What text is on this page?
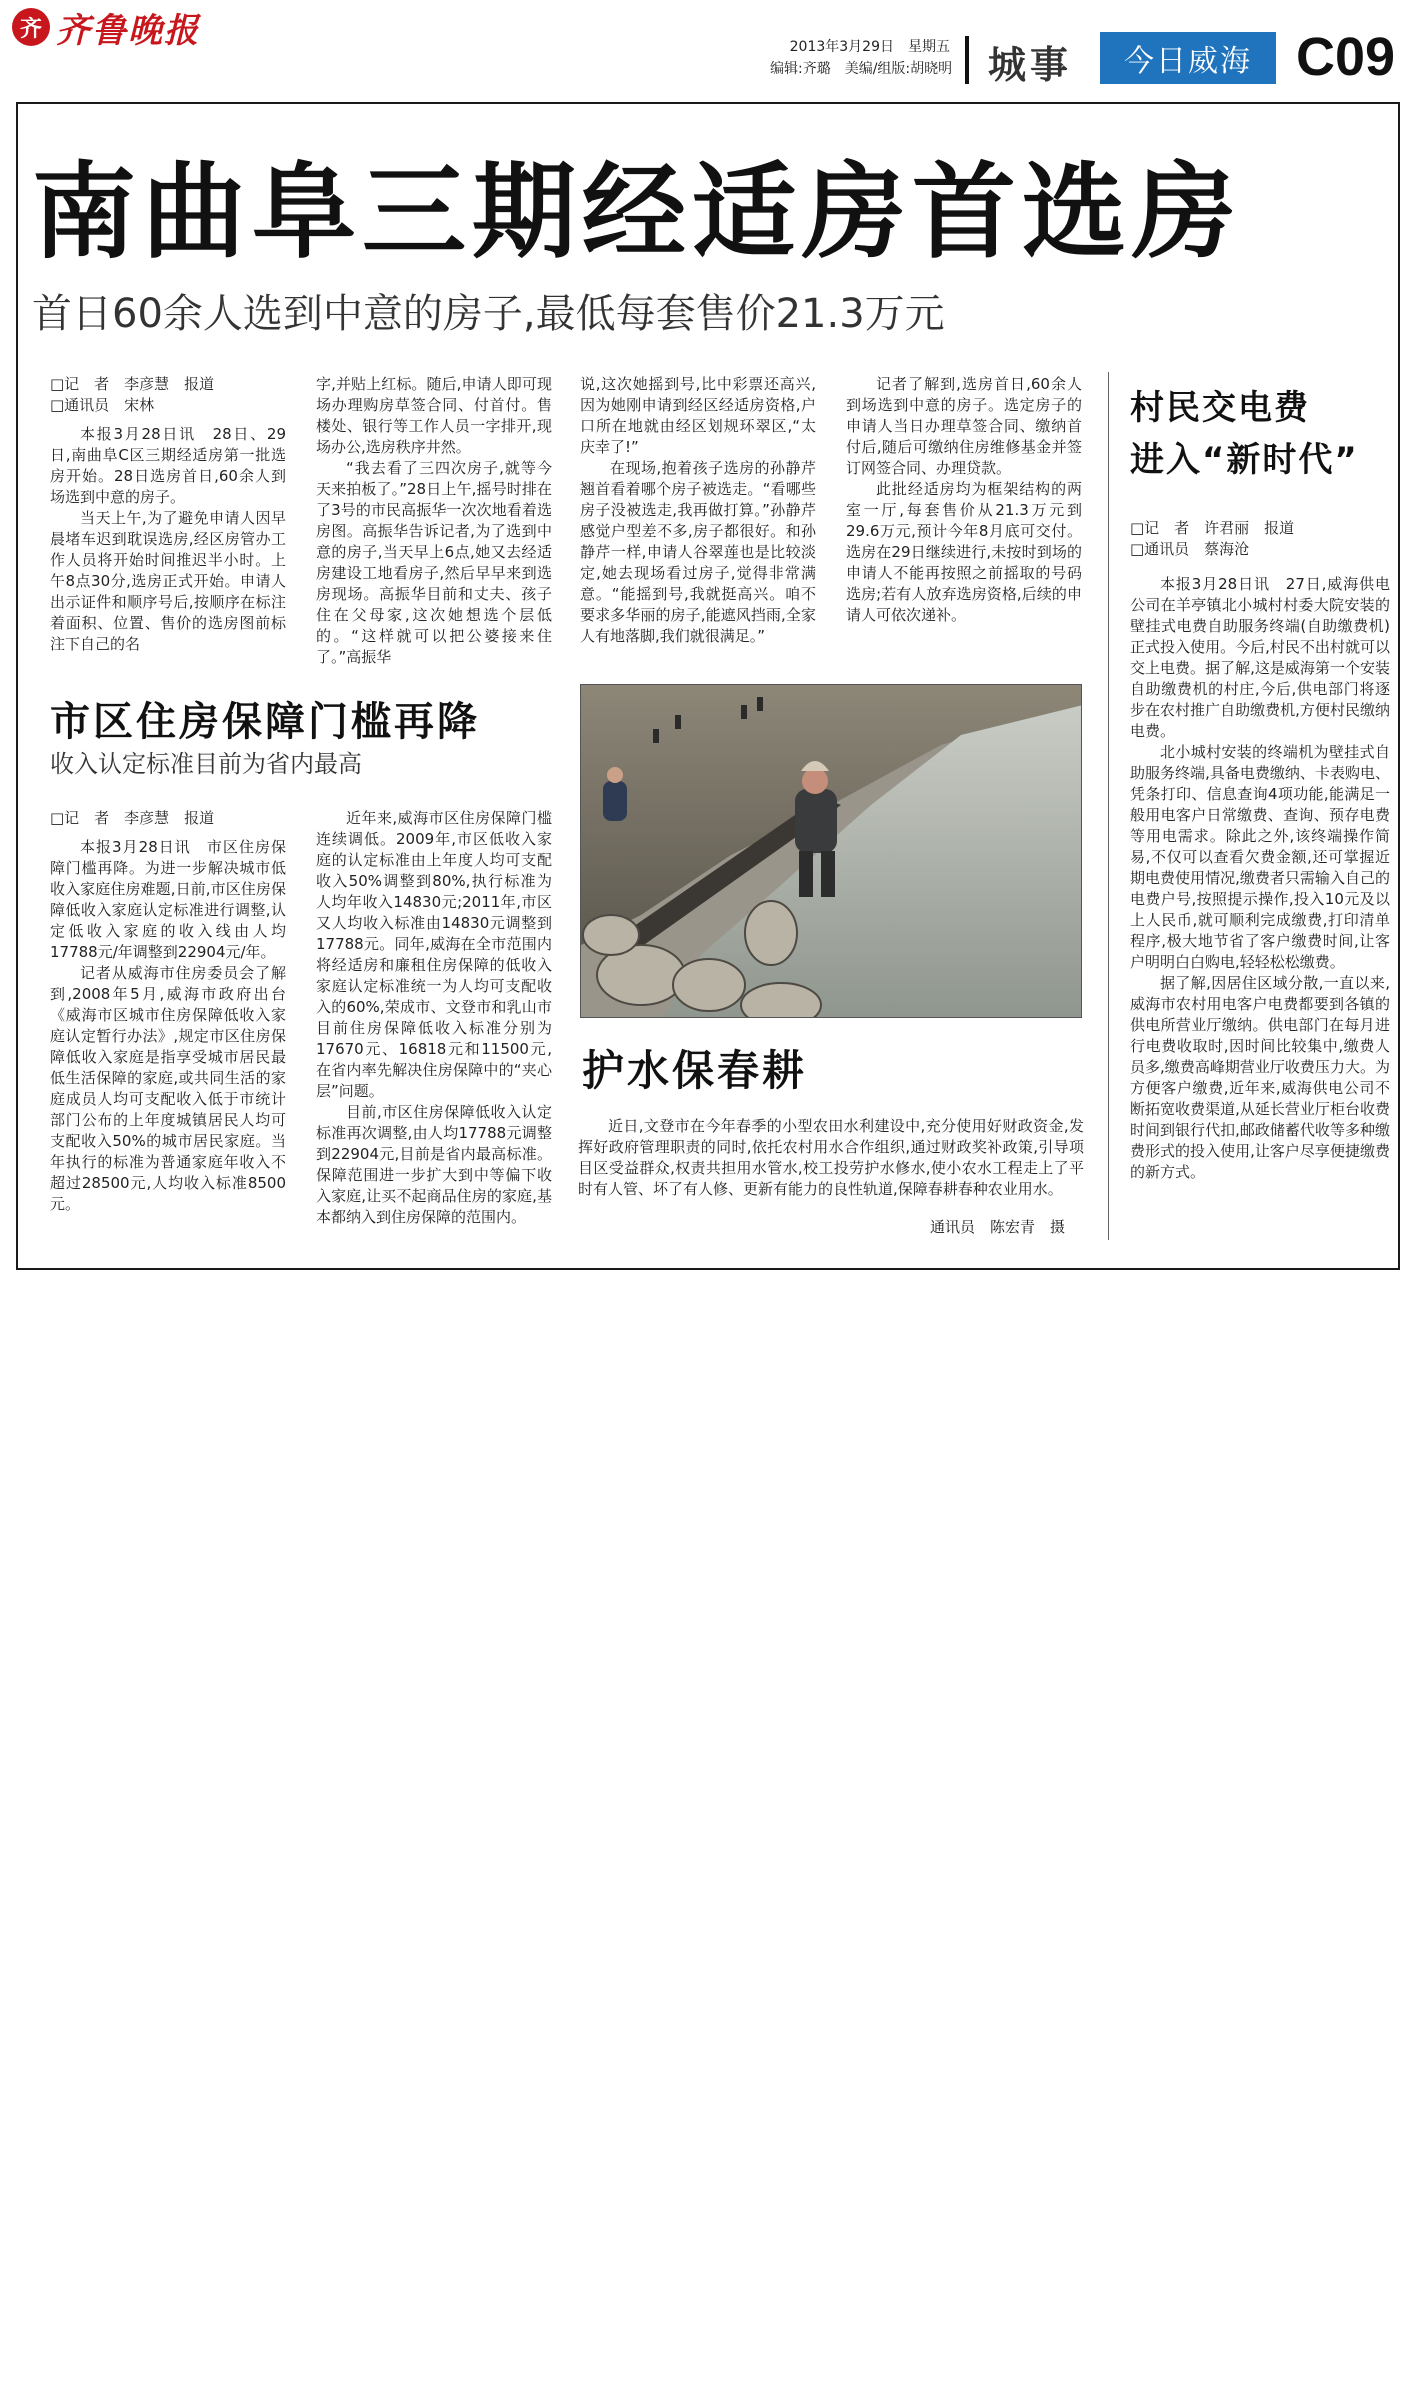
齐 齐鲁晚报	2013年3月29日　 星期五
编辑:齐璐　美编/组版:胡晓明 城事	今日威海 C09
南曲阜三期经适房首选房
首日60余人选到中意的房子,最低每套售价21.3万元
□记　者　李彦慧　报道
□通讯员　宋林

本报3月28日讯　28日、29日,南曲阜C区三期经适房第一批选房开始。28日选房首日,60余人到场选到中意的房子。

当天上午,为了避免申请人因早晨堵车迟到耽误选房,经区房管办工作人员将开始时间推迟半小时。上午8点30分,选房正式开始。申请人出示证件和顺序号后,按顺序在标注着面积、位置、售价的选房图前标注下自己的名

字,并贴上红标。随后,申请人即可现场办理购房草签合同、付首付。售楼处、银行等工作人员一字排开,现场办公,选房秩序井然。

“我去看了三四次房子,就等今天来拍板了。”28日上午,摇号时排在了3号的市民高振华一次次地看着选房图。高振华告诉记者,为了选到中意的房子,当天早上6点,她又去经适房建设工地看房子,然后早早来到选房现场。高振华目前和丈夫、孩子住在父母家,这次她想选个层低的。“这样就可以把公婆接来住了。”高振华

说,这次她摇到号,比中彩票还高兴,因为她刚申请到经区经适房资格,户口所在地就由经区划规环翠区,“太庆幸了!”

在现场,抱着孩子选房的孙静芹翘首看着哪个房子被选走。“看哪些房子没被选走,我再做打算。”孙静芹感觉户型差不多,房子都很好。和孙静芹一样,申请人谷翠莲也是比较淡定,她去现场看过房子,觉得非常满意。“能摇到号,我就挺高兴。咱不要求多华丽的房子,能遮风挡雨,全家人有地落脚,我们就很满足。”

记者了解到,选房首日,60余人到场选到中意的房子。选定房子的申请人当日办理草签合同、缴纳首付后,随后可缴纳住房维修基金并签订网签合同、办理贷款。

此批经适房均为框架结构的两室一厅,每套售价从21.3万元到29.6万元,预计今年8月底可交付。选房在29日继续进行,未按时到场的申请人不能再按照之前摇取的号码选房;若有人放弃选房资格,后续的申请人可依次递补。

市区住房保障门槛再降
收入认定标准目前为省内最高
□记　者　李彦慧　报道

本报3月28日讯　市区住房保障门槛再降。为进一步解决城市低收入家庭住房难题,日前,市区住房保障低收入家庭认定标准进行调整,认定低收入家庭的收入线由人均17788元/年调整到22904元/年。

记者从威海市住房委员会了解到,2008年5月,威海市政府出台《威海市区城市住房保障低收入家庭认定暂行办法》,规定市区住房保障低收入家庭是指享受城市居民最低生活保障的家庭,或共同生活的家庭成员人均可支配收入低于市统计部门公布的上年度城镇居民人均可支配收入50%的城市居民家庭。当年执行的标准为普通家庭年收入不超过28500元,人均收入标准8500元。

近年来,威海市区住房保障门槛连续调低。2009年,市区低收入家庭的认定标准由上年度人均可支配收入50%调整到80%,执行标准为人均年收入14830元;2011年,市区又人均收入标准由14830元调整到17788元。同年,威海在全市范围内将经适房和廉租住房保障的低收入家庭认定标准统一为人均可支配收入的60%,荣成市、文登市和乳山市目前住房保障低收入标准分别为17670元、16818元和11500元,在省内率先解决住房保障中的“夹心层”问题。

目前,市区住房保障低收入认定标准再次调整,由人均17788元调整到22904元,目前是省内最高标准。保障范围进一步扩大到中等偏下收入家庭,让买不起商品住房的家庭,基本都纳入到住房保障的范围内。

护水保春耕

近日,文登市在今年春季的小型农田水利建设中,充分使用好财政资金,发挥好政府管理职责的同时,依托农村用水合作组织,通过财政奖补政策,引导项目区受益群众,权责共担用水管水,校工投劳护水修水,使小农水工程走上了平时有人管、坏了有人修、更新有能力的良性轨道,保障春耕春种农业用水。

通讯员　陈宏青　摄
村民交电费
进入“新时代”
□记　者　许君丽　报道
□通讯员　蔡海沧

本报3月28日讯　27日,威海供电公司在羊亭镇北小城村村委大院安装的壁挂式电费自助服务终端(自助缴费机)正式投入使用。今后,村民不出村就可以交上电费。据了解,这是威海第一个安装自助缴费机的村庄,今后,供电部门将逐步在农村推广自助缴费机,方便村民缴纳电费。

北小城村安装的终端机为壁挂式自助服务终端,具备电费缴纳、卡表购电、凭条打印、信息查询4项功能,能满足一般用电客户日常缴费、查询、预存电费等用电需求。除此之外,该终端操作简易,不仅可以查看欠费金额,还可掌握近期电费使用情况,缴费者只需输入自己的电费户号,按照提示操作,投入10元及以上人民币,就可顺利完成缴费,打印清单程序,极大地节省了客户缴费时间,让客户明明白白购电,轻轻松松缴费。

据了解,因居住区域分散,一直以来,威海市农村用电客户电费都要到各镇的供电所营业厅缴纳。供电部门在每月进行电费收取时,因时间比较集中,缴费人员多,缴费高峰期营业厅收费压力大。为方便客户缴费,近年来,威海供电公司不断拓宽收费渠道,从延长营业厅柜台收费时间到银行代扣,邮政储蓄代收等多种缴费形式的投入使用,让客户尽享便捷缴费的新方式。
